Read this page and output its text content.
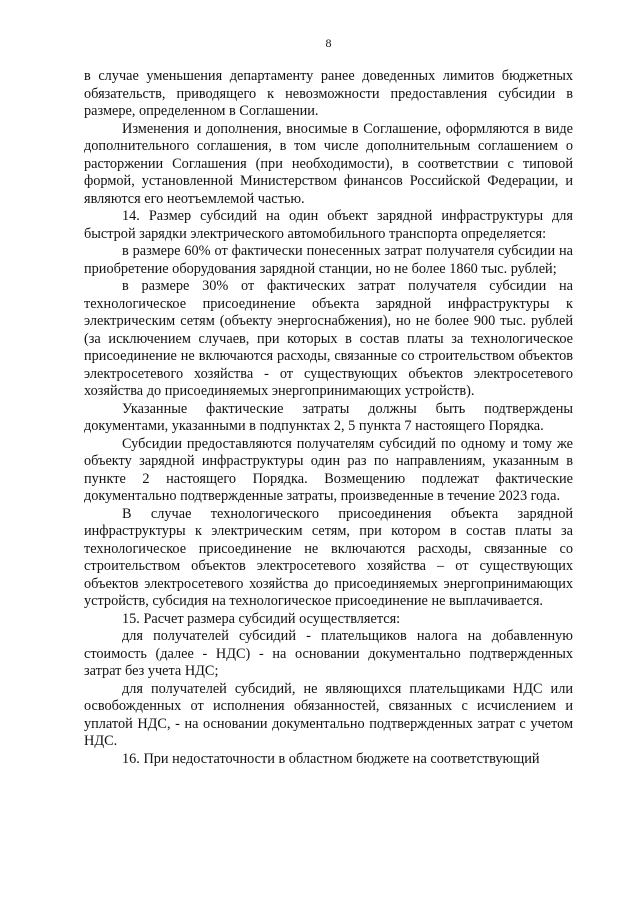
8

в случае уменьшения департаменту ранее доведенных лимитов бюджетных обязательств, приводящего к невозможности предоставления субсидии в размере, определенном в Соглашении.

Изменения и дополнения, вносимые в Соглашение, оформляются в виде дополнительного соглашения, в том числе дополнительным соглашением о расторжении Соглашения (при необходимости), в соответствии с типовой формой, установленной Министерством финансов Российской Федерации, и являются его неотъемлемой частью.

14. Размер субсидий на один объект зарядной инфраструктуры для быстрой зарядки электрического автомобильного транспорта определяется:

в размере 60% от фактически понесенных затрат получателя субсидии на приобретение оборудования зарядной станции, но не более 1860 тыс. рублей;

в размере 30% от фактических затрат получателя субсидии на технологическое присоединение объекта зарядной инфраструктуры к электрическим сетям (объекту энергоснабжения), но не более 900 тыс. рублей (за исключением случаев, при которых в состав платы за технологическое присоединение не включаются расходы, связанные со строительством объектов электросетевого хозяйства - от существующих объектов электросетевого хозяйства до присоединяемых энергопринимающих устройств).

Указанные фактические затраты должны быть подтверждены документами, указанными в подпунктах 2, 5 пункта 7 настоящего Порядка.

Субсидии предоставляются получателям субсидий по одному и тому же объекту зарядной инфраструктуры один раз по направлениям, указанным в пункте 2 настоящего Порядка. Возмещению подлежат фактические документально подтвержденные затраты, произведенные в течение 2023 года.

В случае технологического присоединения объекта зарядной инфраструктуры к электрическим сетям, при котором в состав платы за технологическое присоединение не включаются расходы, связанные со строительством объектов электросетевого хозяйства – от существующих объектов электросетевого хозяйства до присоединяемых энергопринимающих устройств, субсидия на технологическое присоединение не выплачивается.

15. Расчет размера субсидий осуществляется:

для получателей субсидий - плательщиков налога на добавленную стоимость (далее - НДС) - на основании документально подтвержденных затрат без учета НДС;

для получателей субсидий, не являющихся плательщиками НДС или освобожденных от исполнения обязанностей, связанных с исчислением и уплатой НДС, - на основании документально подтвержденных затрат с учетом НДС.

16. При недостаточности в областном бюджете на соответствующий
